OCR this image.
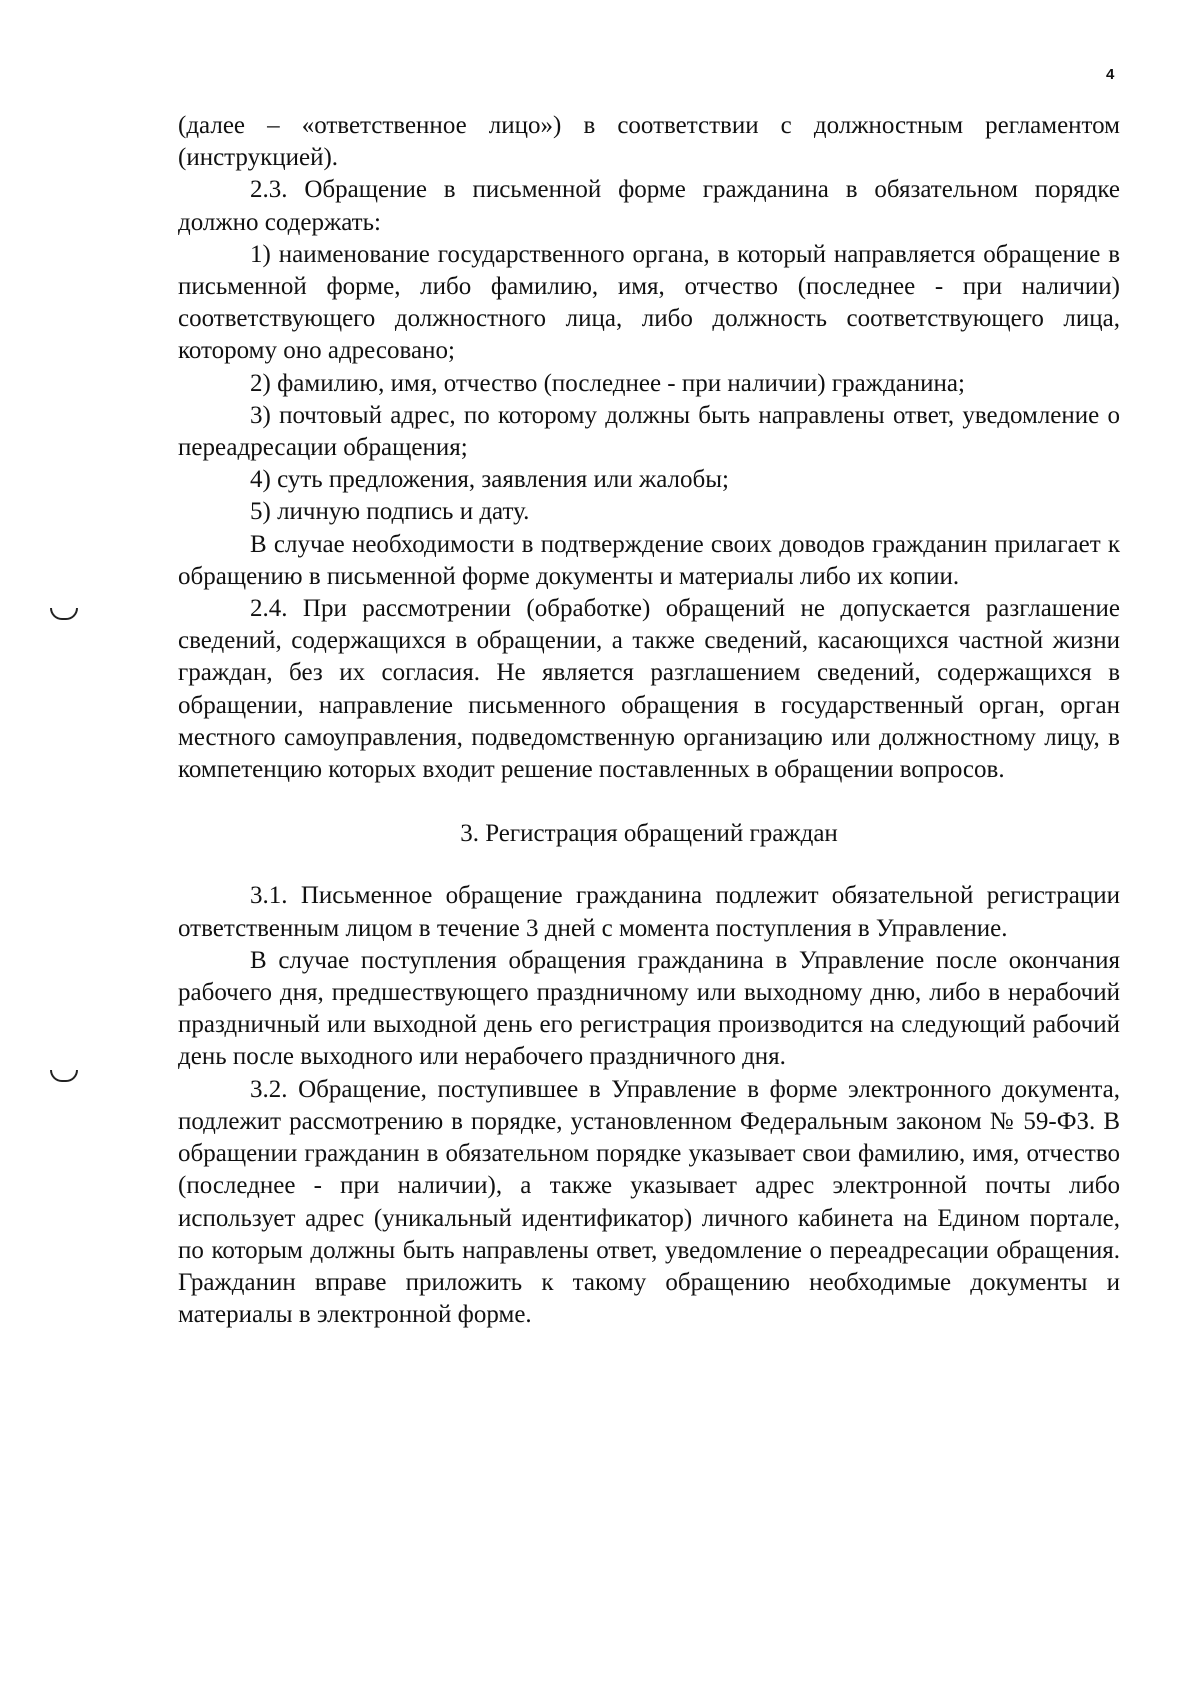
4

(далее – «ответственное лицо») в соответствии с должностным регламентом (инструкцией).

2.3. Обращение в письменной форме гражданина в обязательном порядке должно содержать:

1) наименование государственного органа, в который направляется обращение в письменной форме, либо фамилию, имя, отчество (последнее - при наличии) соответствующего должностного лица, либо должность соответствующего лица, которому оно адресовано;

2) фамилию, имя, отчество (последнее - при наличии) гражданина;

3) почтовый адрес, по которому должны быть направлены ответ, уведомление о переадресации обращения;

4) суть предложения, заявления или жалобы;

5) личную подпись и дату.

В случае необходимости в подтверждение своих доводов гражданин прилагает к обращению в письменной форме документы и материалы либо их копии.

2.4. При рассмотрении (обработке) обращений не допускается разглашение сведений, содержащихся в обращении, а также сведений, касающихся частной жизни граждан, без их согласия. Не является разглашением сведений, содержащихся в обращении, направление письменного обращения в государственный орган, орган местного самоуправления, подведомственную организацию или должностному лицу, в компетенцию которых входит решение поставленных в обращении вопросов.

3. Регистрация обращений граждан

3.1. Письменное обращение гражданина подлежит обязательной регистрации ответственным лицом в течение 3 дней с момента поступления в Управление.

В случае поступления обращения гражданина в Управление после окончания рабочего дня, предшествующего праздничному или выходному дню, либо в нерабочий праздничный или выходной день его регистрация производится на следующий рабочий день после выходного или нерабочего праздничного дня.

3.2. Обращение, поступившее в Управление в форме электронного документа, подлежит рассмотрению в порядке, установленном Федеральным законом № 59-ФЗ. В обращении гражданин в обязательном порядке указывает свои фамилию, имя, отчество (последнее - при наличии), а также указывает адрес электронной почты либо использует адрес (уникальный идентификатор) личного кабинета на Едином портале, по которым должны быть направлены ответ, уведомление о переадресации обращения. Гражданин вправе приложить к такому обращению необходимые документы и материалы в электронной форме.
